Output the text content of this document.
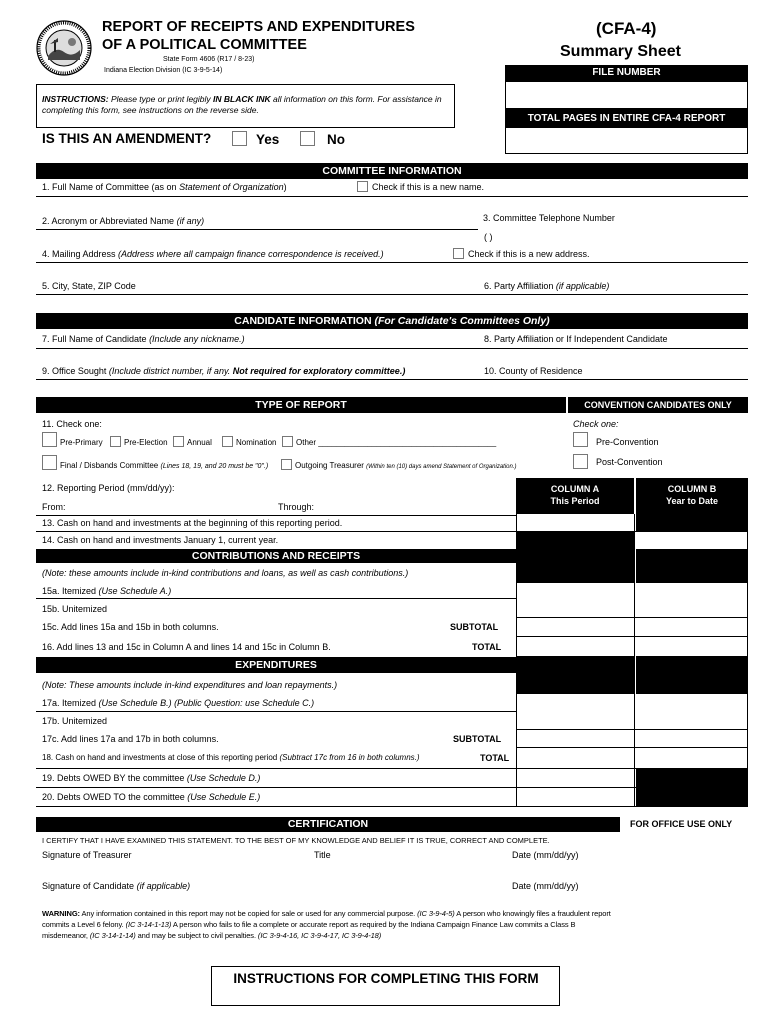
REPORT OF RECEIPTS AND EXPENDITURES
OF A POLITICAL COMMITTEE
State Form 4606 (R17 / 8-23)
Indiana Election Division (IC 3-9-5-14)
(CFA-4)
Summary Sheet
FILE NUMBER
TOTAL PAGES IN ENTIRE CFA-4 REPORT
INSTRUCTIONS: Please type or print legibly IN BLACK INK all information on this form. For assistance in completing this form, see instructions on the reverse side.
IS THIS AN AMENDMENT?	Yes	No
COMMITTEE INFORMATION
1. Full Name of Committee (as on Statement of Organization)	Check if this is a new name.
2. Acronym or Abbreviated Name (if any)	3. Committee Telephone Number
( )
4. Mailing Address (Address where all campaign finance correspondence is received.)	Check if this is a new address.
5. City, State, ZIP Code	6. Party Affiliation (if applicable)
CANDIDATE INFORMATION (For Candidate's Committees Only)
7. Full Name of Candidate (Include any nickname.)	8. Party Affiliation or If Independent Candidate
9. Office Sought (Include district number, if any. Not required for exploratory committee.)	10. County of Residence
TYPE OF REPORT	CONVENTION CANDIDATES ONLY
11. Check one:	Check one:
Pre-Primary	Pre-Election Annual	Nomination Other ________________________________________	Pre-Convention
Final / Disbands Committee (Lines 18, 19, and 20 must be "0".)	Outgoing Treasurer (Within ten (10) days amend Statement of Organization.)	Post-Convention
12. Reporting Period (mm/dd/yy):
From:	Through:
COLUMN A
This Period
COLUMN B
Year to Date
13. Cash on hand and investments at the beginning of this reporting period.
14. Cash on hand and investments January 1, current year.
CONTRIBUTIONS AND RECEIPTS
(Note: these amounts include in-kind contributions and loans, as well as cash contributions.)
15a. Itemized (Use Schedule A.)
15b. Unitemized
15c. Add lines 15a and 15b in both columns.	SUBTOTAL
16. Add lines 13 and 15c in Column A and lines 14 and 15c in Column B.	TOTAL
EXPENDITURES
(Note: These amounts include in-kind expenditures and loan repayments.)
17a. Itemized (Use Schedule B.) (Public Question: use Schedule C.)
17b. Unitemized
17c. Add lines 17a and 17b in both columns.	SUBTOTAL
18. Cash on hand and investments at close of this reporting period (Subtract 17c from 16 in both columns.)	TOTAL
19. Debts OWED BY the committee (Use Schedule D.)
20. Debts OWED TO the committee (Use Schedule E.)
CERTIFICATION	FOR OFFICE USE ONLY
I CERTIFY THAT I HAVE EXAMINED THIS STATEMENT. TO THE BEST OF MY KNOWLEDGE AND BELIEF IT IS TRUE, CORRECT AND COMPLETE.
Signature of Treasurer	Title	Date (mm/dd/yy)
Signature of Candidate (if applicable)	Date (mm/dd/yy)
WARNING: Any information contained in this report may not be copied for sale or used for any commercial purpose. (IC 3-9-4-5) A person who knowingly files a fraudulent report commits a Level 6 felony. (IC 3-14-1-13) A person who fails to file a complete or accurate report as required by the Indiana Campaign Finance Law commits a Class B misdemeanor, (IC 3-14-1-14) and may be subject to civil penalties. (IC 3-9-4-16, IC 3-9-4-17, IC 3-9-4-18)
INSTRUCTIONS FOR COMPLETING THIS FORM
